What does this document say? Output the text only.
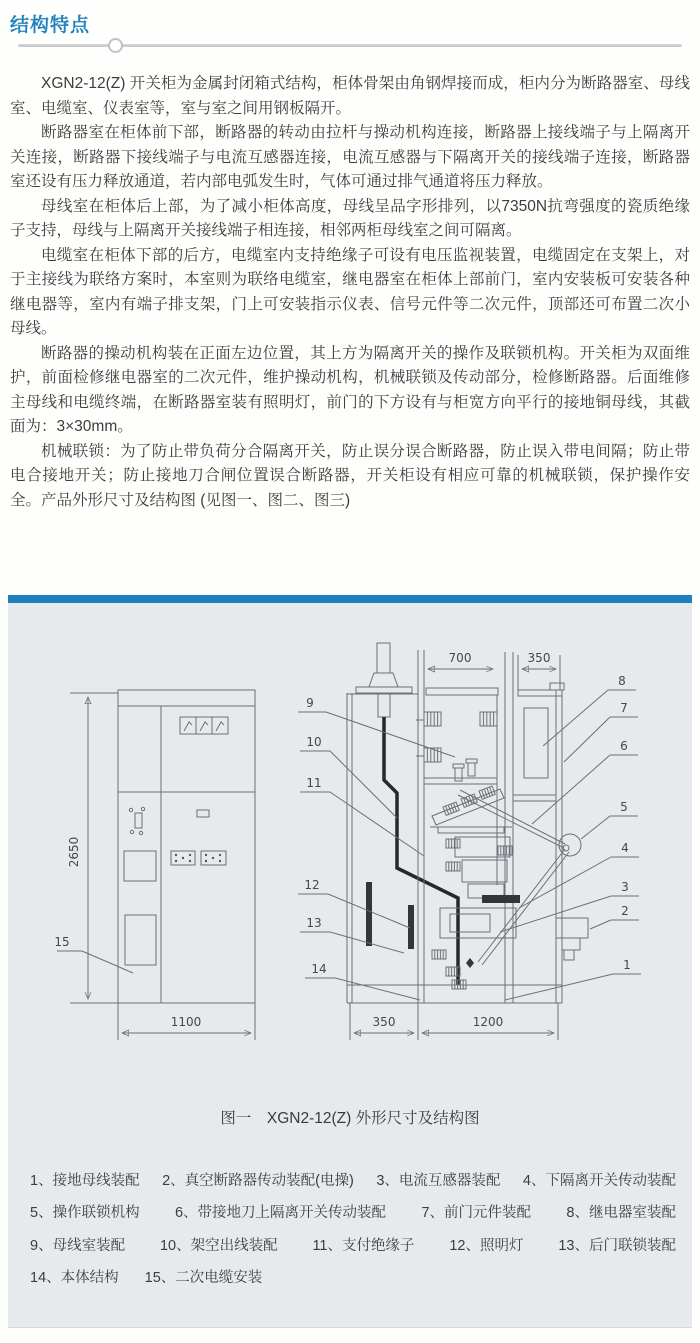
结构特点

XGN2-12(Z) 开关柜为金属封闭箱式结构，柜体骨架由角钢焊接而成，柜内分为断路器室、母线室、电缆室、仪表室等，室与室之间用钢板隔开。

断路器室在柜体前下部，断路器的转动由拉杆与操动机构连接，断路器上接线端子与上隔离开关连接，断路器下接线端子与电流互感器连接，电流互感器与下隔离开关的接线端子连接，断路器室还设有压力释放通道，若内部电弧发生时，气体可通过排气通道将压力释放。

母线室在柜体后上部，为了减小柜体高度，母线呈品字形排列，以7350N抗弯强度的瓷质绝缘子支持，母线与上隔离开关接线端子相连接，相邻两柜母线室之间可隔离。

电缆室在柜体下部的后方，电缆室内支持绝缘子可设有电压监视装置，电缆固定在支架上，对于主接线为联络方案时，本室则为联络电缆室，继电器室在柜体上部前门，室内安装板可安装各种继电器等，室内有端子排支架，门上可安装指示仪表、信号元件等二次元件，顶部还可布置二次小母线。

断路器的操动机构装在正面左边位置，其上方为隔离开关的操作及联锁机构。开关柜为双面维护，前面检修继电器室的二次元件，维护操动机构，机械联锁及传动部分，检修断路器。后面维修主母线和电缆终端，在断路器室装有照明灯，前门的下方设有与柜宽方向平行的接地铜母线，其截面为：3×30mm。

机械联锁：为了防止带负荷分合隔离开关，防止误分误合断路器，防止误入带电间隔；防止带电合接地开关；防止接地刀合闸位置误合断路器，开关柜设有相应可靠的机械联锁，保护操作安全。产品外形尺寸及结构图 (见图一、图二、图三)

2650
15
1100
700	350
350	1200
9
10
11
12
13
14
8
7
6
5
4
3
2
1
图一　XGN2-12(Z) 外形尺寸及结构图
1、接地母线装配 2、真空断路器传动装配(电操) 3、电流互感器装配 4、下隔离开关传动装配
5、操作联锁机构 6、带接地刀上隔离开关传动装配 7、前门元件装配 8、继电器室装配
9、母线室装配 10、架空出线装配 11、支付绝缘子 12、照明灯 13、后门联锁装配
14、本体结构 15、二次电缆安装
